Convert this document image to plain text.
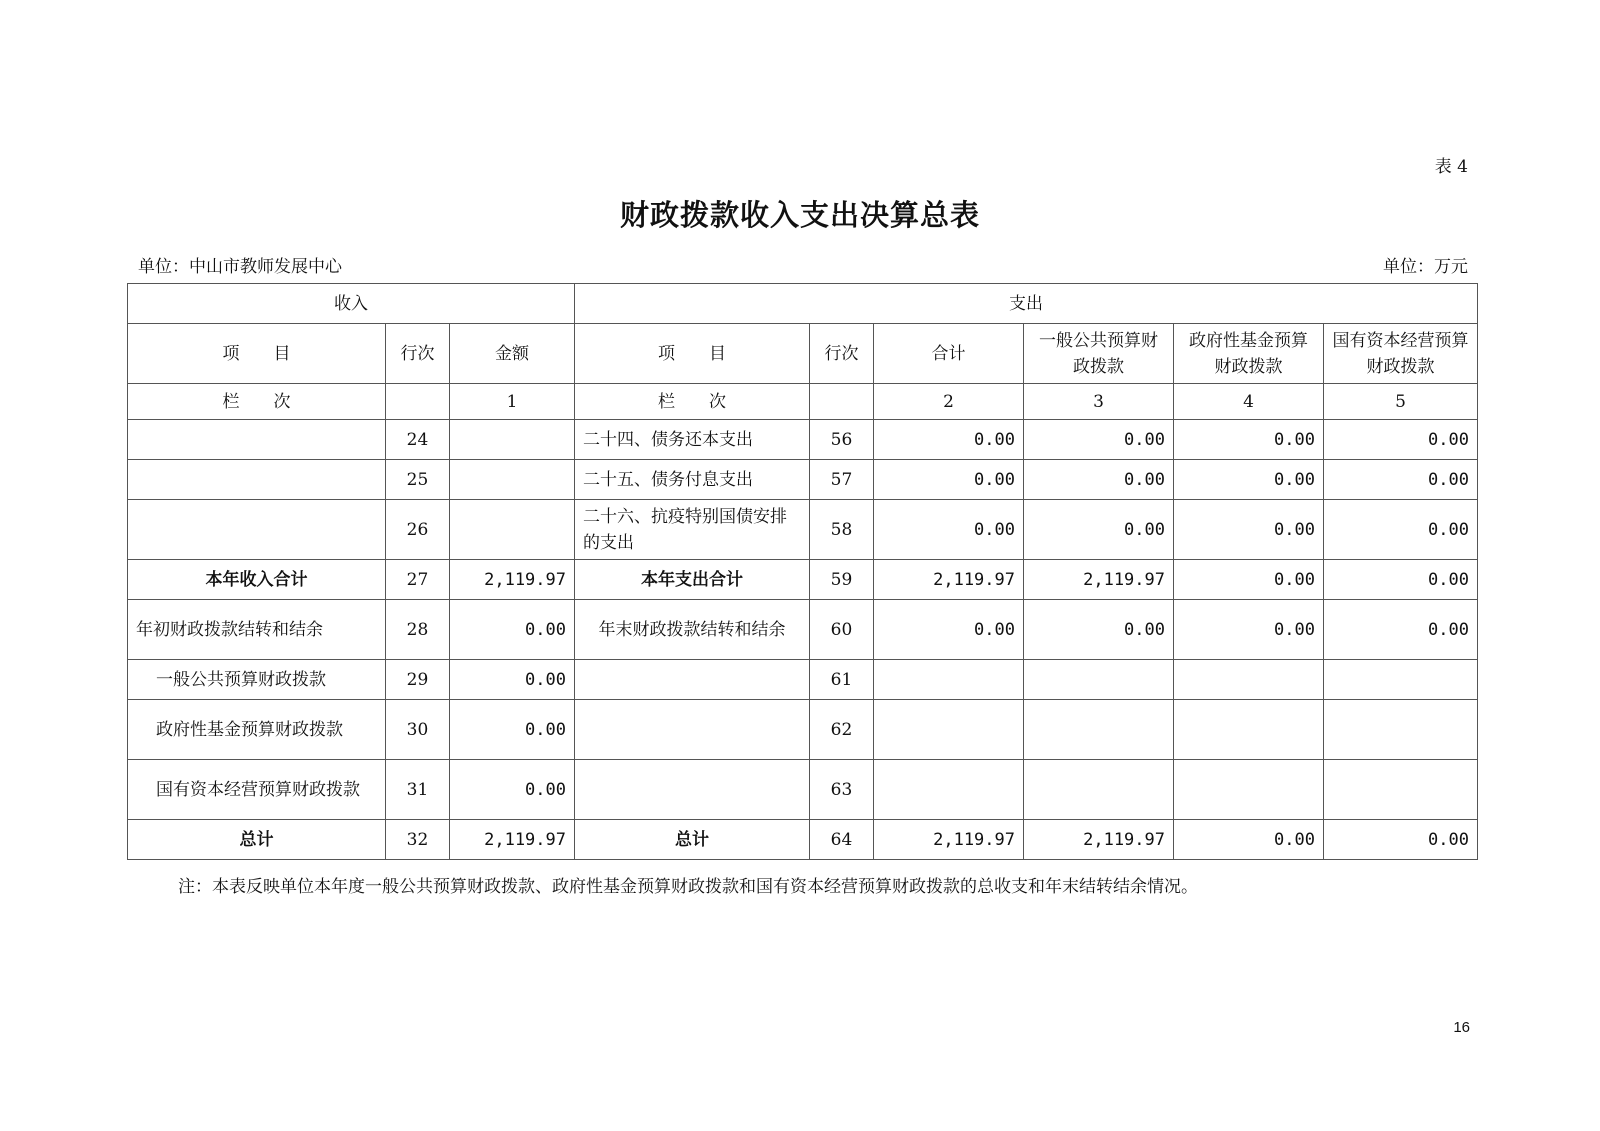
表 4
财政拨款收入支出决算总表
单位：中山市教师发展中心	单位：万元
收入			支出					
项　　目	行次	金额	项　　目	行次	合计	一般公共预算财政拨款	政府性基金预算财政拨款	国有资本经营预算财政拨款
栏　　次		1	栏　　次		2	3	4	5
	24		二十四、债务还本支出	56	0.00	0.00	0.00	0.00
	25		二十五、债务付息支出	57	0.00	0.00	0.00	0.00
	26		二十六、抗疫特别国债安排的支出	58	0.00	0.00	0.00	0.00
本年收入合计	27	2,119.97	本年支出合计	59	2,119.97	2,119.97	0.00	0.00
年初财政拨款结转和结余	28	0.00	年末财政拨款结转和结余	60	0.00	0.00	0.00	0.00
一般公共预算财政拨款	29	0.00		61				
政府性基金预算财政拨款	30	0.00		62				
国有资本经营预算财政拨款	31	0.00		63				
总计	32	2,119.97	总计	64	2,119.97	2,119.97	0.00	0.00
注：本表反映单位本年度一般公共预算财政拨款、政府性基金预算财政拨款和国有资本经营预算财政拨款的总收支和年末结转结余情况。
16
